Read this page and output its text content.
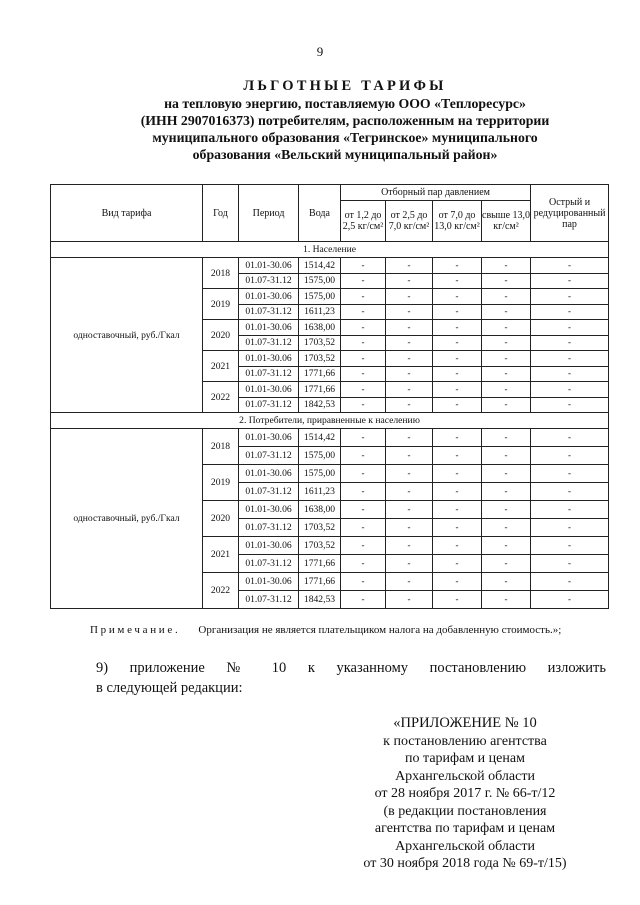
9
ЛЬГОТНЫЕ ТАРИФЫ
на тепловую энергию, поставляемую ООО «Теплоресурс»
(ИНН 2907016373) потребителям, расположенным на территории
муниципального образования «Тегринское» муниципального
образования «Вельский муниципальный район»
Вид тарифа	Год	Период	Вода	Отборный пар давлением				Острый и редуцированный пар
				от 1,2 до 2,5 кг/см²	от 2,5 до 7,0 кг/см²	от 7,0 до 13,0 кг/см²	свыше 13,0 кг/см²	
1. Население								
одноставочный, руб./Гкал	2018	01.01-30.06	1514,42	-	-	-	-	-
		01.07-31.12	1575,00	-	-	-	-	-
	2019	01.01-30.06	1575,00	-	-	-	-	-
		01.07-31.12	1611,23	-	-	-	-	-
	2020	01.01-30.06	1638,00	-	-	-	-	-
		01.07-31.12	1703,52	-	-	-	-	-
	2021	01.01-30.06	1703,52	-	-	-	-	-
		01.07-31.12	1771,66	-	-	-	-	-
	2022	01.01-30.06	1771,66	-	-	-	-	-
		01.07-31.12	1842,53	-	-	-	-	-
2. Потребители, приравненные к населению								
одноставочный, руб./Гкал	2018	01.01-30.06	1514,42	-	-	-	-	-
		01.07-31.12	1575,00	-	-	-	-	-
	2019	01.01-30.06	1575,00	-	-	-	-	-
		01.07-31.12	1611,23	-	-	-	-	-
	2020	01.01-30.06	1638,00	-	-	-	-	-
		01.07-31.12	1703,52	-	-	-	-	-
	2021	01.01-30.06	1703,52	-	-	-	-	-
		01.07-31.12	1771,66	-	-	-	-	-
	2022	01.01-30.06	1771,66	-	-	-	-	-
		01.07-31.12	1842,53	-	-	-	-	-
Примечание. Организация не является плательщиком налога на добавленную стоимость.»;
9) приложение № 10 к указанному постановлению изложить
в следующей редакции:
«ПРИЛОЖЕНИЕ № 10
к постановлению агентства
по тарифам и ценам
Архангельской области
от 28 ноября 2017 г. № 66-т/12
(в редакции постановления
агентства по тарифам и ценам
Архангельской области
от 30 ноября 2018 года № 69-т/15)
